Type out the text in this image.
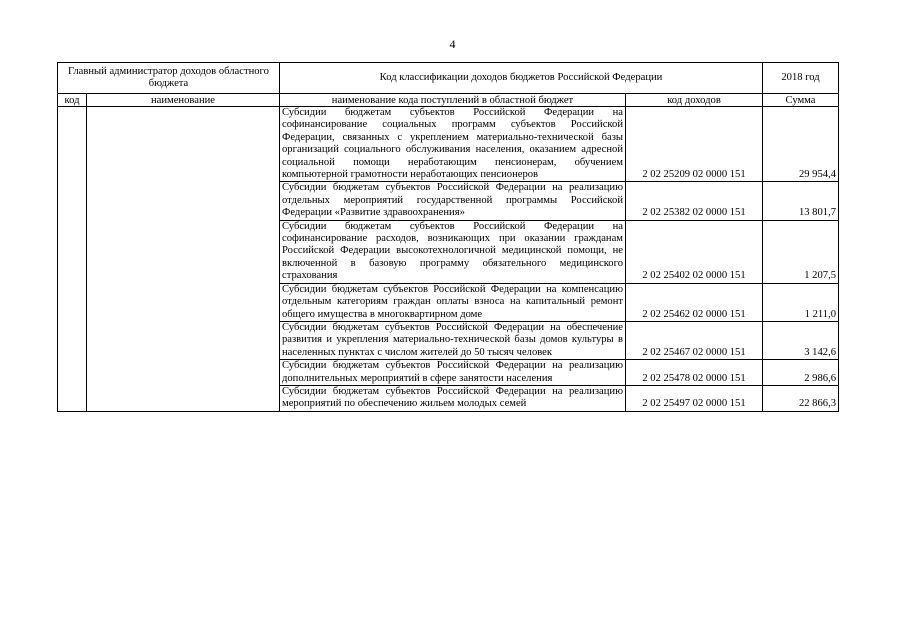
4
Главный администратор доходов областного бюджета		Код классификации доходов бюджетов Российской Федерации		2018 год
код	наименование	наименование кода поступлений в областной бюджет	код доходов	Сумма
		Субсидии бюджетам субъектов Российской Федерации на софинансирование социальных программ субъектов Российской Федерации, связанных с укреплением материально-технической базы организаций социального обслуживания населения, оказанием адресной социальной помощи неработающим пенсионерам, обучением компьютерной грамотности неработающих пенсионеров	2 02 25209 02 0000 151	29 954,4
		Субсидии бюджетам субъектов Российской Федерации на реализацию отдельных мероприятий государственной программы Российской Федерации «Развитие здравоохранения»	2 02 25382 02 0000 151	13 801,7
		Субсидии бюджетам субъектов Российской Федерации на софинансирование расходов, возникающих при оказании гражданам Российской Федерации высокотехнологичной медицинской помощи, не включенной в базовую программу обязательного медицинского страхования	2 02 25402 02 0000 151	1 207,5
		Субсидии бюджетам субъектов Российской Федерации на компенсацию отдельным категориям граждан оплаты взноса на капитальный ремонт общего имущества в многоквартирном доме	2 02 25462 02 0000 151	1 211,0
		Субсидии бюджетам субъектов Российской Федерации на обеспечение развития и укрепления материально-технической базы домов культуры в населенных пунктах с числом жителей до 50 тысяч человек	2 02 25467 02 0000 151	3 142,6
		Субсидии бюджетам субъектов Российской Федерации на реализацию дополнительных мероприятий в сфере занятости населения	2 02 25478 02 0000 151	2 986,6
		Субсидии бюджетам субъектов Российской Федерации на реализацию мероприятий по обеспечению жильем молодых семей	2 02 25497 02 0000 151	22 866,3
